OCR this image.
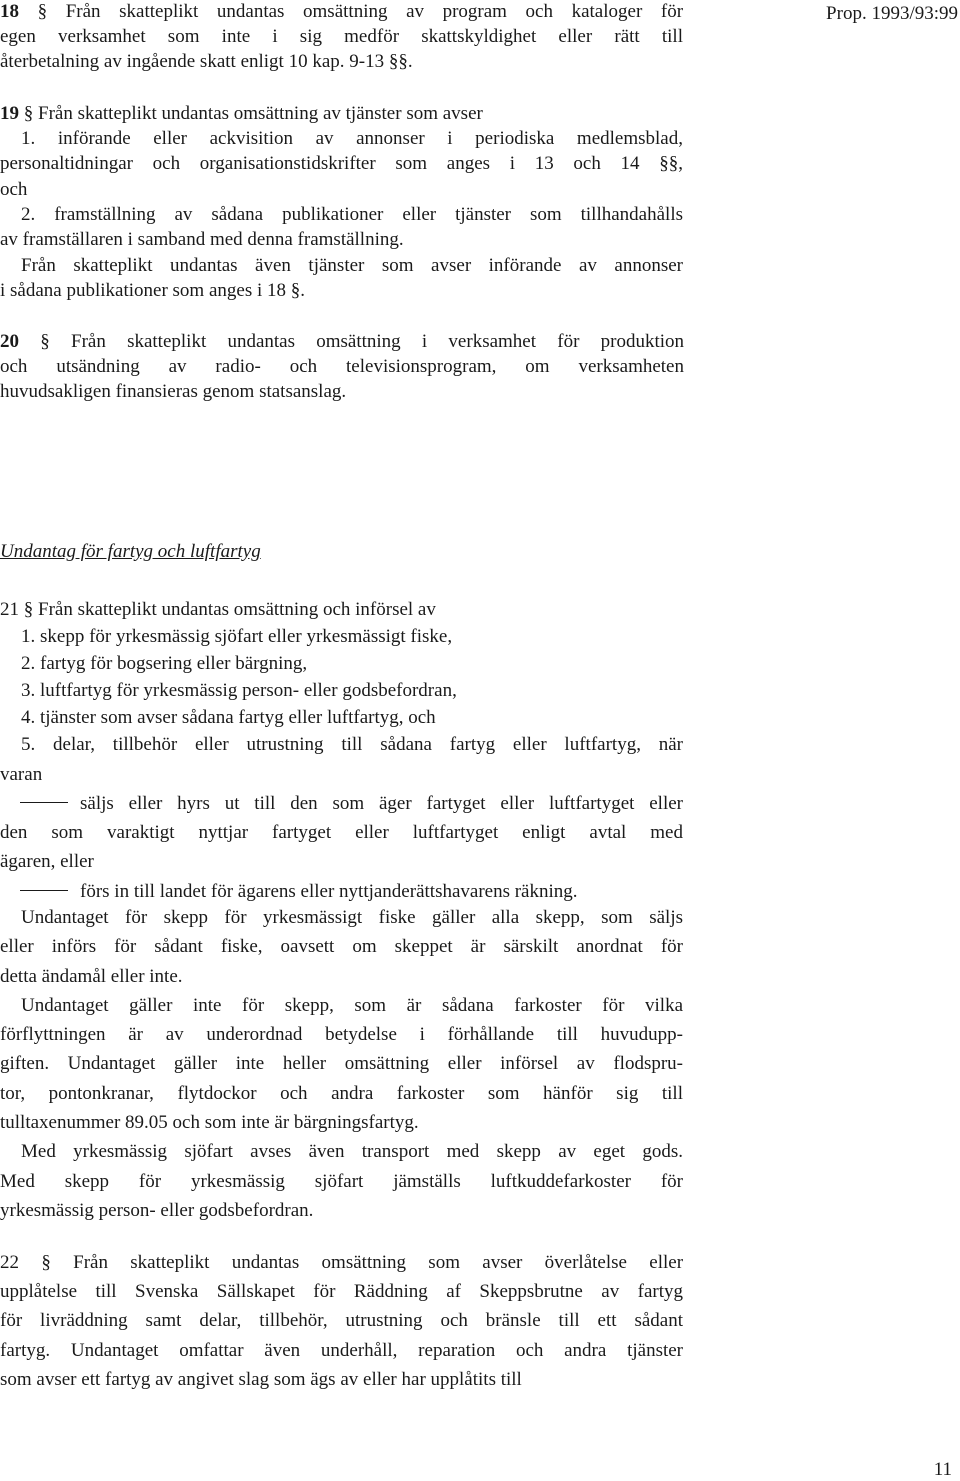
Prop. 1993/93:99
18 § Från skatteplikt undantas omsättning av program och kataloger för
egen verksamhet som inte i sig medför skattskyldighet eller rätt till
återbetalning av ingående skatt enligt 10 kap. 9-13 §§.
19 § Från skatteplikt undantas omsättning av tjänster som avser
1. införande eller ackvisition av annonser i periodiska medlemsblad,
personaltidningar och organisationstidskrifter som anges i 13 och 14 §§,
och
2. framställning av sådana publikationer eller tjänster som tillhandahålls
av framställaren i samband med denna framställning.
Från skatteplikt undantas även tjänster som avser införande av annonser
i sådana publikationer som anges i 18 §.
20 § Från skatteplikt undantas omsättning i verksamhet för produktion
och utsändning av radio- och televisionsprogram, om verksamheten
huvudsakligen finansieras genom statsanslag.
Undantag för fartyg och luftfartyg
21 § Från skatteplikt undantas omsättning och införsel av
1. skepp för yrkesmässig sjöfart eller yrkesmässigt fiske,
2. fartyg för bogsering eller bärgning,
3. luftfartyg för yrkesmässig person- eller godsbefordran,
4. tjänster som avser sådana fartyg eller luftfartyg, och
5. delar, tillbehör eller utrustning till sådana fartyg eller luftfartyg, när
varan
säljs eller hyrs ut till den som äger fartyget eller luftfartyget eller
den som varaktigt nyttjar fartyget eller luftfartyget enligt avtal med
ägaren, eller
förs in till landet för ägarens eller nyttjanderättshavarens räkning.
Undantaget för skepp för yrkesmässigt fiske gäller alla skepp, som säljs
eller införs för sådant fiske, oavsett om skeppet är särskilt anordnat för
detta ändamål eller inte.
Undantaget gäller inte för skepp, som är sådana farkoster för vilka
förflyttningen är av underordnad betydelse i förhållande till huvudupp-
giften. Undantaget gäller inte heller omsättning eller införsel av flodspru-
tor, pontonkranar, flytdockor och andra farkoster som hänför sig till
tulltaxenummer 89.05 och som inte är bärgningsfartyg.
Med yrkesmässig sjöfart avses även transport med skepp av eget gods.
Med skepp för yrkesmässig sjöfart jämställs luftkuddefarkoster för
yrkesmässig person- eller godsbefordran.
22 § Från skatteplikt undantas omsättning som avser överlåtelse eller
upplåtelse till Svenska Sällskapet för Räddning af Skeppsbrutne av fartyg
för livräddning samt delar, tillbehör, utrustning och bränsle till ett sådant
fartyg. Undantaget omfattar även underhåll, reparation och andra tjänster
som avser ett fartyg av angivet slag som ägs av eller har upplåtits till
11
